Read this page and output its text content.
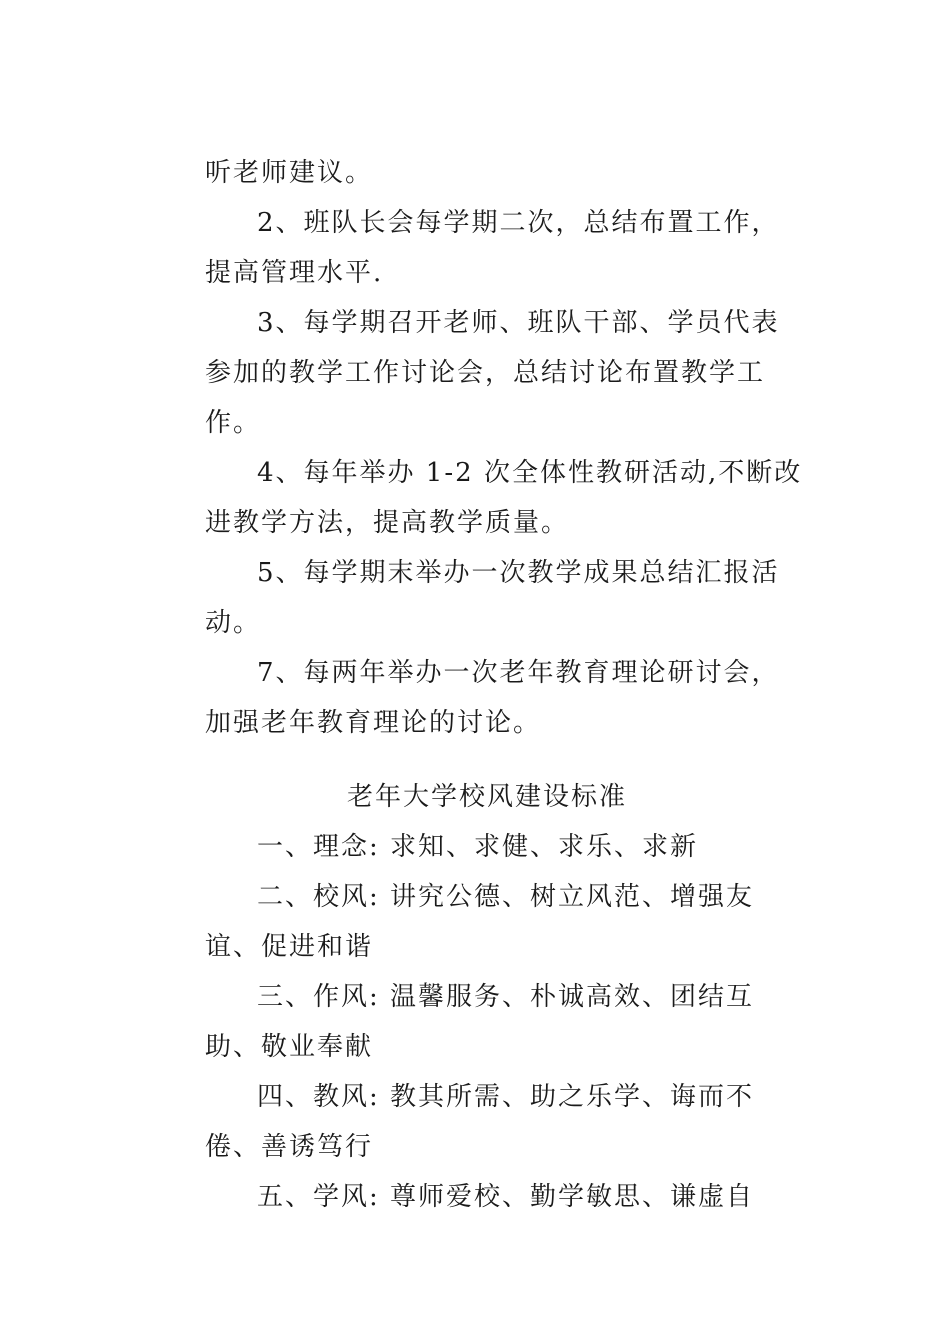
听老师建议。
2、班队长会每学期二次，总结布置工作，
提高管理水平.
3、每学期召开老师、班队干部、学员代表
参加的教学工作讨论会，总结讨论布置教学工
作。
4、每年举办 1-2 次全体性教研活动,不断改
进教学方法，提高教学质量。
5、每学期末举办一次教学成果总结汇报活
动。
7、每两年举办一次老年教育理论研讨会，
加强老年教育理论的讨论。
老年大学校风建设标准
一、理念: 求知、求健、求乐、求新
二、校风: 讲究公德、树立风范、增强友
谊、促进和谐
三、作风: 温馨服务、朴诚高效、团结互
助、敬业奉献
四、教风: 教其所需、助之乐学、诲而不
倦、善诱笃行
五、学风: 尊师爱校、勤学敏思、谦虚自
